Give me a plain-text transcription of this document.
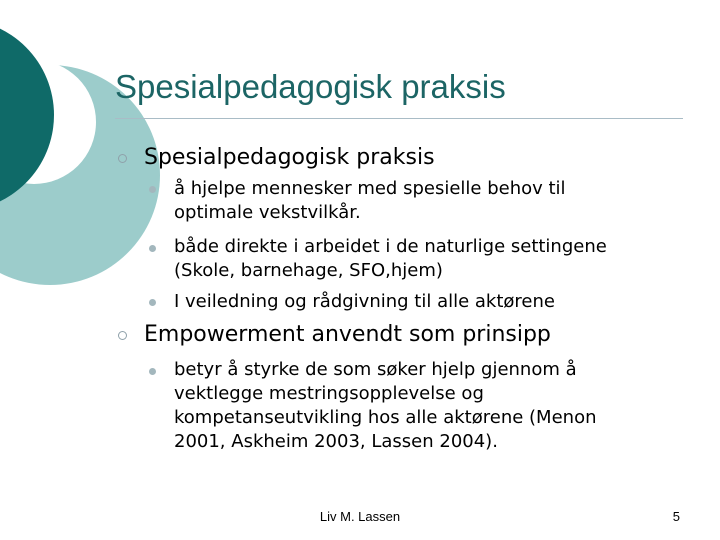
Spesialpedagogisk praksis
Spesialpedagogisk praksis
å hjelpe mennesker med spesielle behov til
optimale vekstvilkår.
både direkte i arbeidet i de naturlige settingene
(Skole, barnehage, SFO,hjem)
I veiledning og rådgivning til alle aktørene
Empowerment anvendt som prinsipp
betyr å styrke de som søker hjelp gjennom å
vektlegge mestringsopplevelse og
kompetanseutvikling hos alle aktørene (Menon
2001, Askheim 2003, Lassen 2004).
Liv M. Lassen	5
